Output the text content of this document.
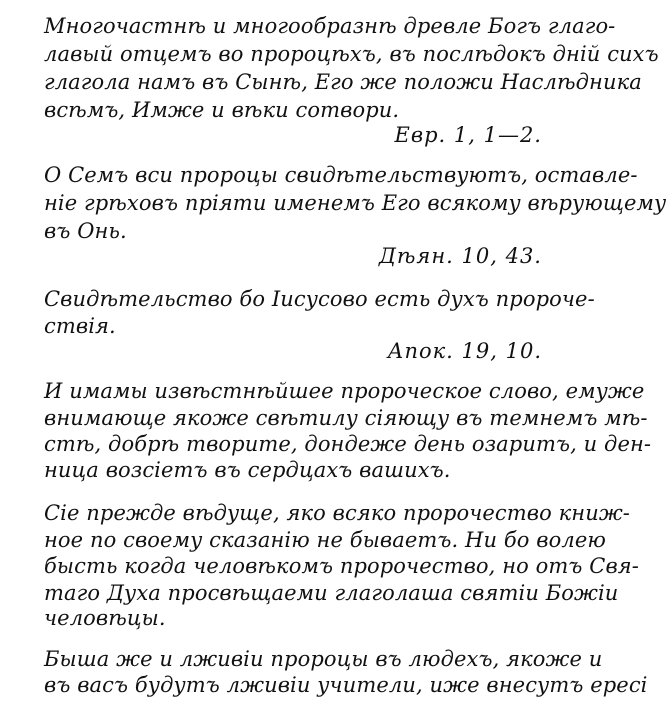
Многочастнѣ и многообразнѣ древле Богъ глаго-
лавый отцемъ во пророцѣхъ, въ послѣдокъ днiй сихъ
глагола намъ въ Сынѣ, Его же положи Наслѣдника
всѣмъ, Имже и вѣки сотвори.
Евр. 1, 1—2.
О Семъ вси пророцы свидѣтельствуютъ, оставле-
нiе грѣховъ прiяти именемъ Его всякому вѣрующему
въ Онь.
Дѣян. 10, 43.
Свидѣтельство бо Iисусово есть духъ пророче-
ствiя.
Апок. 19, 10.
И имамы извѣстнѣйшее пророческое слово, емуже
внимающе якоже свѣтилу сiяющу въ темнемъ мѣ-
стѣ, добрѣ творите, дондеже день озаритъ, и ден-
ница возсiетъ въ сердцахъ вашихъ.
Сiе прежде вѣдуще, яко всяко пророчество книж-
ное по своему сказанiю не бываетъ. Ни бо волею
бысть когда человѣкомъ пророчество, но отъ Свя-
таго Духа просвѣщаеми глаголаша святiи Божiи
человѣцы.
Быша же и лживiи пророцы въ людехъ, якоже и
въ васъ будутъ лживiи учители, иже внесутъ ересi
